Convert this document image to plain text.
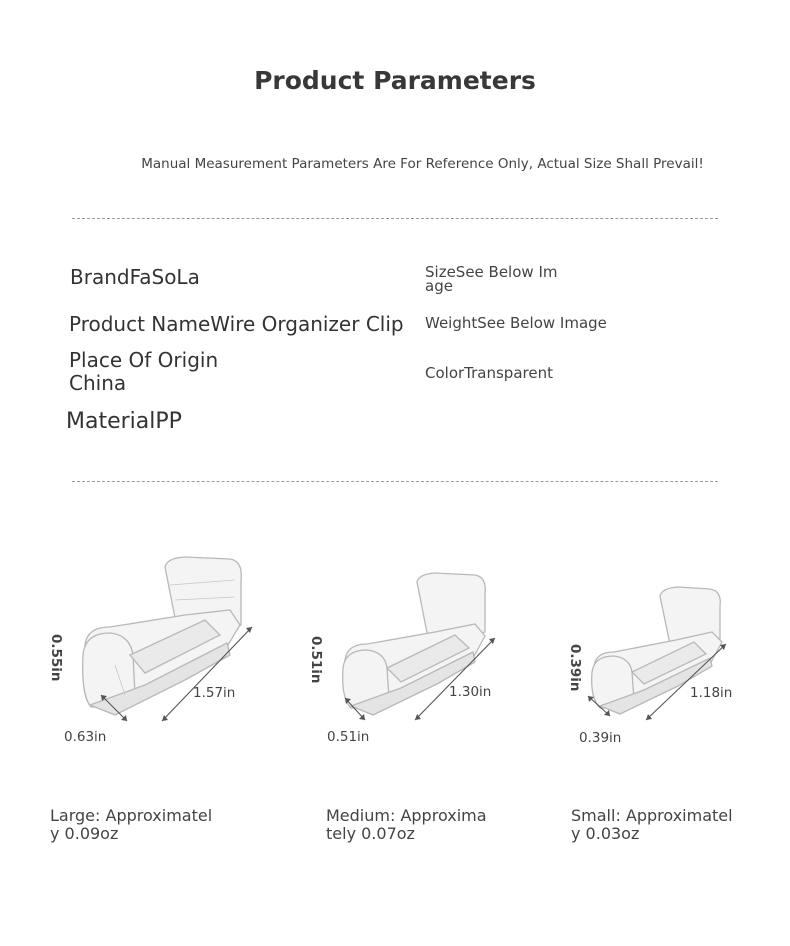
Product Parameters
Manual Measurement Parameters Are For Reference Only, Actual Size Shall Prevail!
BrandFaSoLa
Product NameWire Organizer Clip
Place Of Origin
China
MaterialPP
SizeSee Below Im
age
WeightSee Below Image
ColorTransparent
0.55in
1.57in
0.63in
Large: Approximatel
y 0.09oz
0.51in
1.30in
0.51in
Medium: Approxima
tely 0.07oz
0.39in
1.18in
0.39in
Small: Approximatel
y 0.03oz
